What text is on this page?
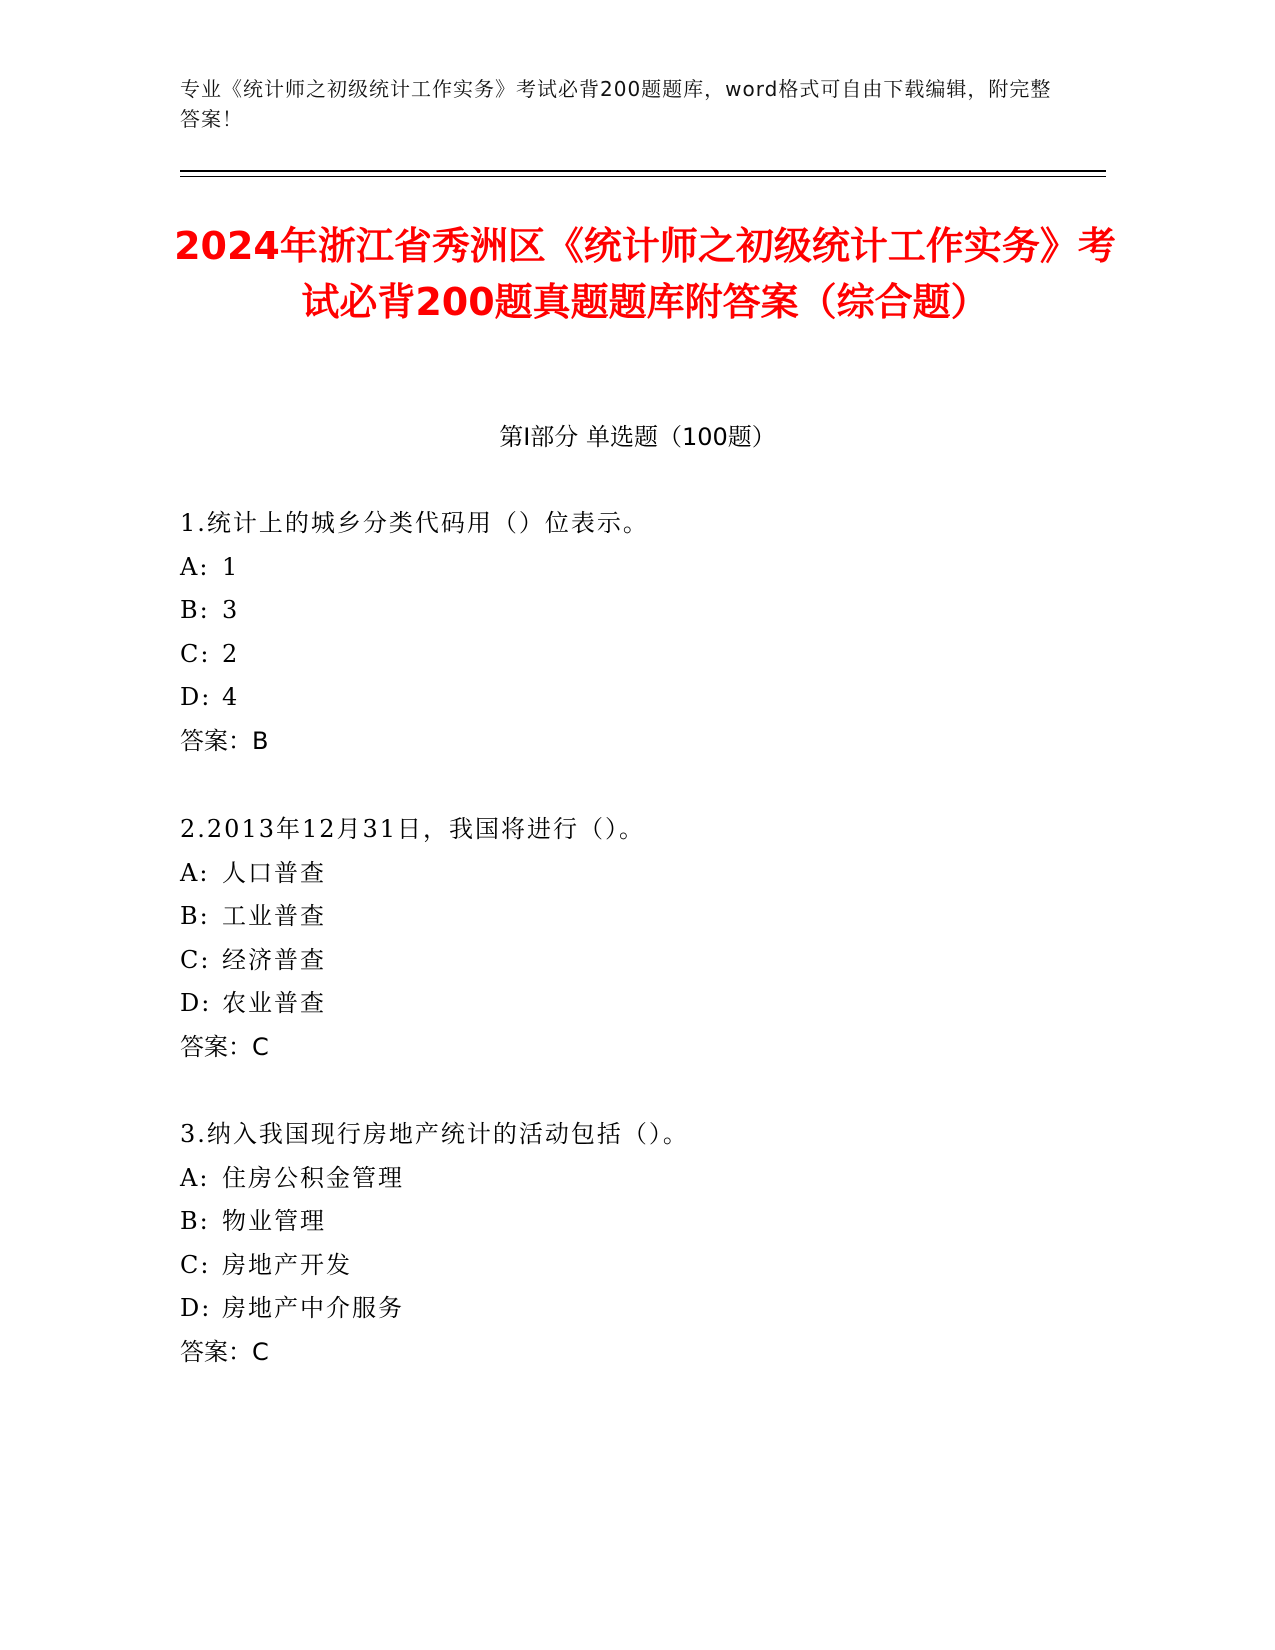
专业《统计师之初级统计工作实务》考试必背200题题库，word格式可自由下载编辑，附完整答案！
2024年浙江省秀洲区《统计师之初级统计工作实务》考试必背200题真题题库附答案（综合题）
第I部分 单选题（100题）
1.统计上的城乡分类代码用（）位表示。
A: 1
B: 3
C: 2
D: 4
答案：B
2.2013年12月31日，我国将进行（）。
A: 人口普查
B: 工业普查
C: 经济普查
D: 农业普查
答案：C
3.纳入我国现行房地产统计的活动包括（）。
A: 住房公积金管理
B: 物业管理
C: 房地产开发
D: 房地产中介服务
答案：C
